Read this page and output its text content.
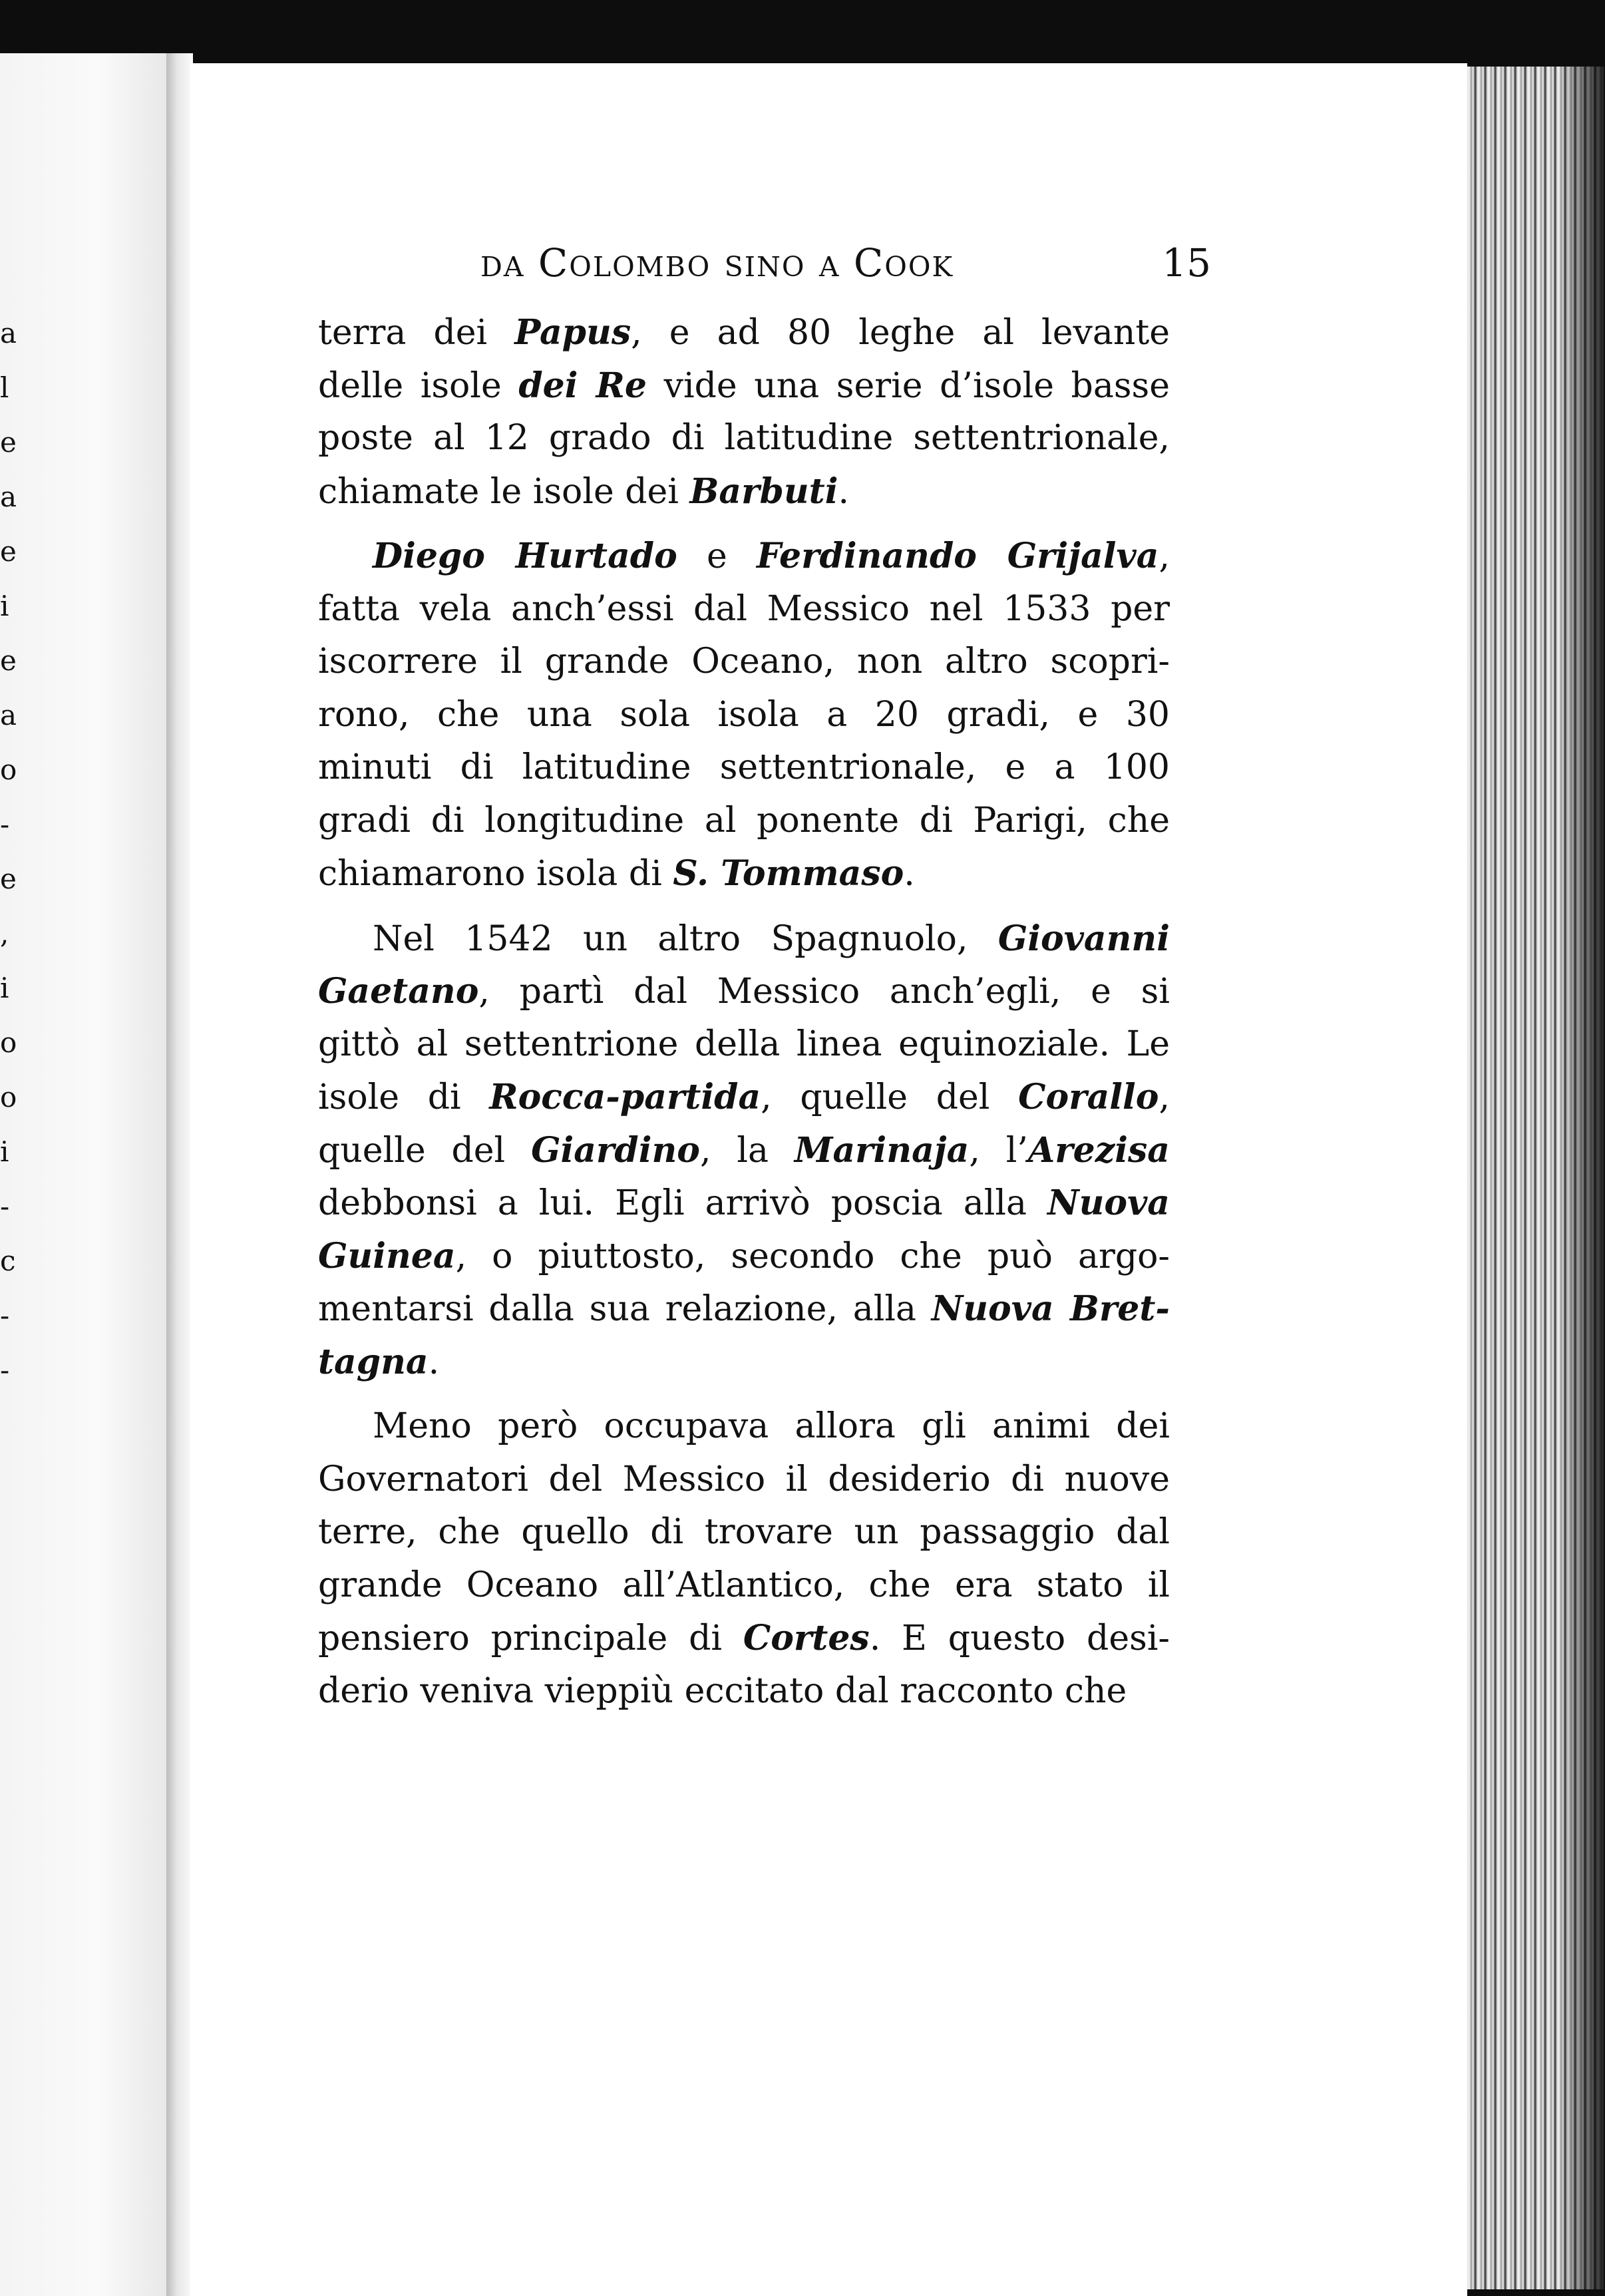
a
l
e
a
e
i
e
a
o
-
e
,
i
o
o
i
-
c
-
-
da Colombo sino a Cook	15
terra dei Papus, e ad 80 leghe al levante
delle isole dei Re vide una serie d’isole basse
poste al 12 grado di latitudine settentrionale,
chiamate le isole dei Barbuti.
Diego Hurtado e Ferdinando Grijalva,
fatta vela anch’essi dal Messico nel 1533 per
iscorrere il grande Oceano, non altro scopri-
rono, che una sola isola a 20 gradi, e 30
minuti di latitudine settentrionale, e a 100
gradi di longitudine al ponente di Parigi, che
chiamarono isola di S. Tommaso.
Nel 1542 un altro Spagnuolo, Giovanni
Gaetano, partì dal Messico anch’egli, e si
gittò al settentrione della linea equinoziale. Le
isole di Rocca-partida, quelle del Corallo,
quelle del Giardino, la Marinaja, l’Arezisa
debbonsi a lui. Egli arrivò poscia alla Nuova
Guinea, o piuttosto, secondo che può argo-
mentarsi dalla sua relazione, alla Nuova Bret-
tagna.
Meno però occupava allora gli animi dei
Governatori del Messico il desiderio di nuove
terre, che quello di trovare un passaggio dal
grande Oceano all’Atlantico, che era stato il
pensiero principale di Cortes. E questo desi-
derio veniva vieppiù eccitato dal racconto che
